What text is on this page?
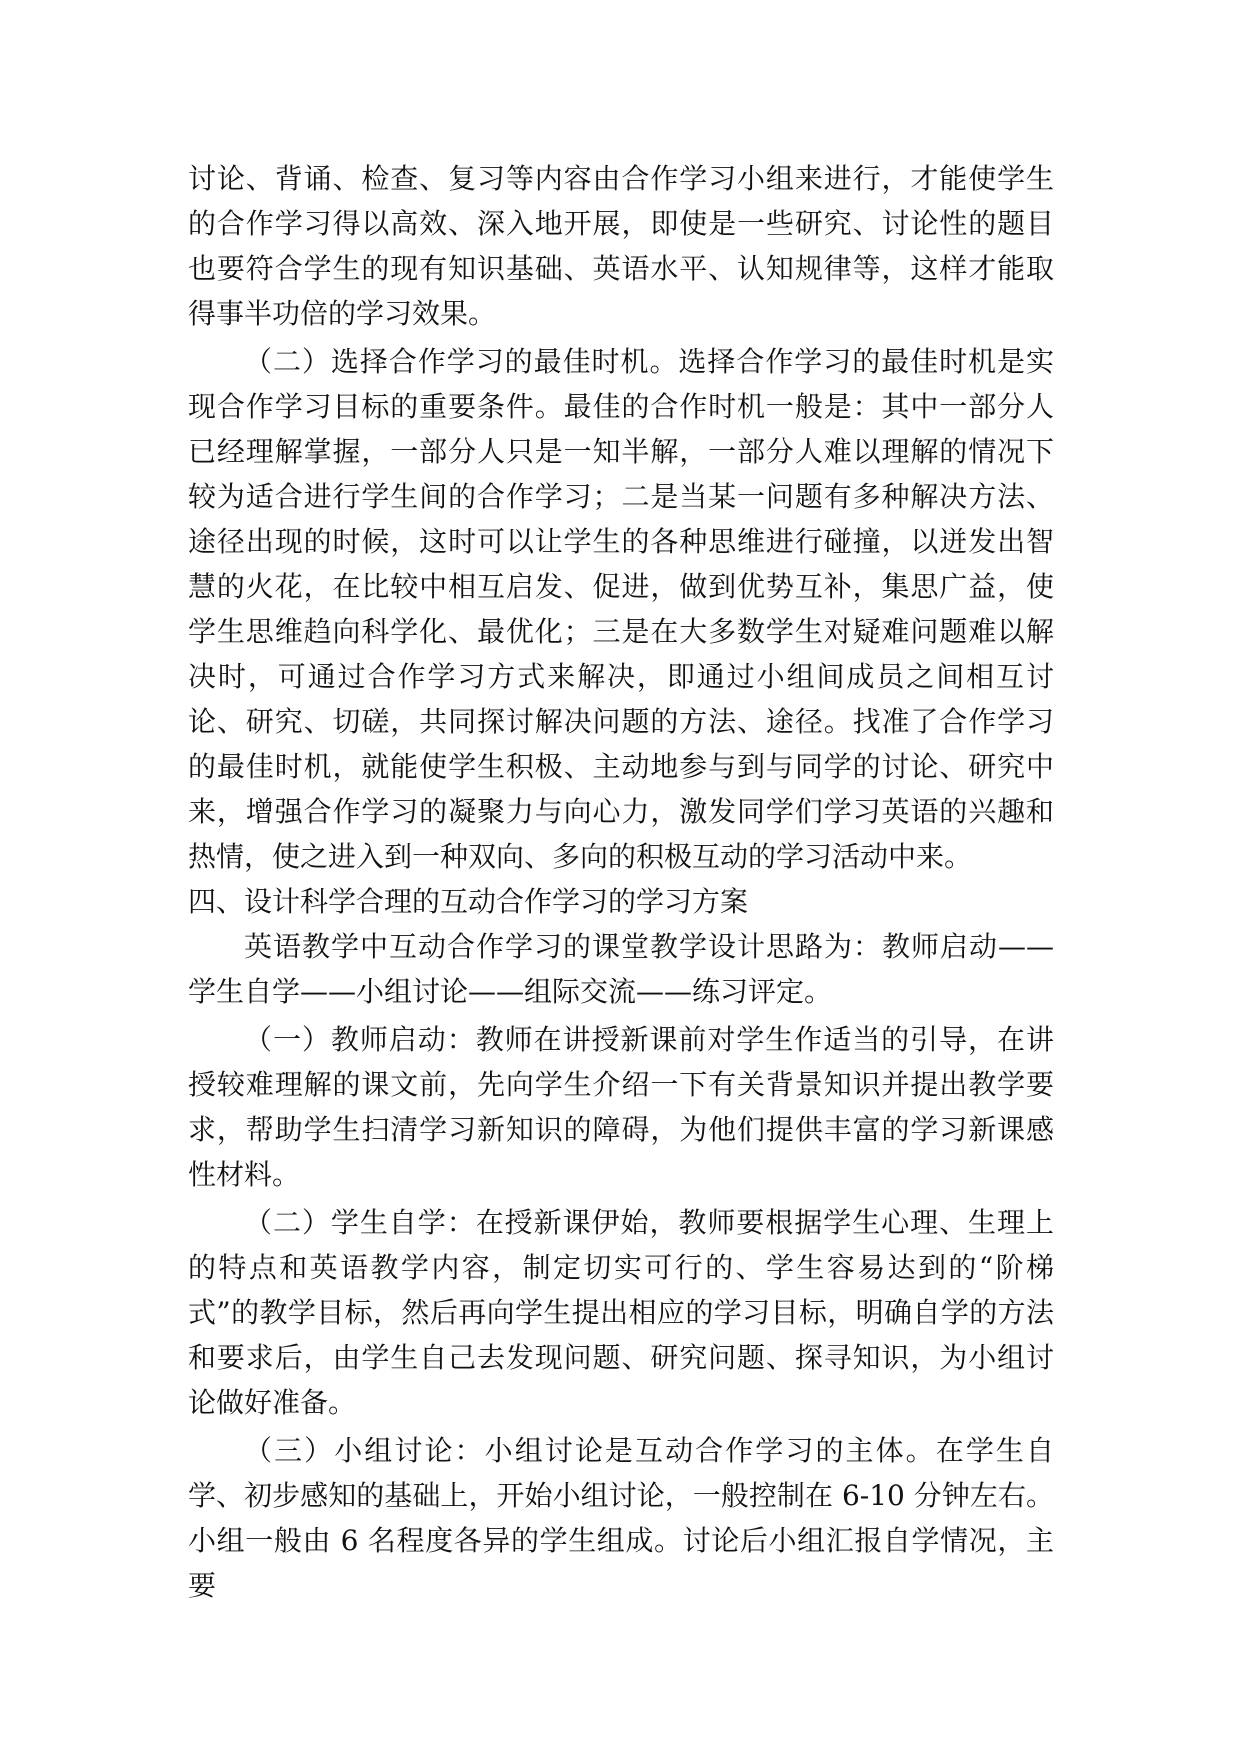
讨论、背诵、检查、复习等内容由合作学习小组来进行，才能使学生的合作学习得以高效、深入地开展，即使是一些研究、讨论性的题目也要符合学生的现有知识基础、英语水平、认知规律等，这样才能取得事半功倍的学习效果。

（二）选择合作学习的最佳时机。选择合作学习的最佳时机是实现合作学习目标的重要条件。最佳的合作时机一般是：其中一部分人已经理解掌握，一部分人只是一知半解，一部分人难以理解的情况下较为适合进行学生间的合作学习；二是当某一问题有多种解决方法、途径出现的时候，这时可以让学生的各种思维进行碰撞，以迸发出智慧的火花，在比较中相互启发、促进，做到优势互补，集思广益，使学生思维趋向科学化、最优化；三是在大多数学生对疑难问题难以解决时，可通过合作学习方式来解决，即通过小组间成员之间相互讨论、研究、切磋，共同探讨解决问题的方法、途径。找准了合作学习的最佳时机，就能使学生积极、主动地参与到与同学的讨论、研究中来，增强合作学习的凝聚力与向心力，激发同学们学习英语的兴趣和热情，使之进入到一种双向、多向的积极互动的学习活动中来。

四、设计科学合理的互动合作学习的学习方案

英语教学中互动合作学习的课堂教学设计思路为：教师启动——学生自学——小组讨论——组际交流——练习评定。

（一）教师启动：教师在讲授新课前对学生作适当的引导，在讲授较难理解的课文前，先向学生介绍一下有关背景知识并提出教学要求，帮助学生扫清学习新知识的障碍，为他们提供丰富的学习新课感性材料。

（二）学生自学：在授新课伊始，教师要根据学生心理、生理上的特点和英语教学内容，制定切实可行的、学生容易达到的“阶梯式”的教学目标，然后再向学生提出相应的学习目标，明确自学的方法和要求后，由学生自己去发现问题、研究问题、探寻知识，为小组讨论做好准备。

（三）小组讨论：小组讨论是互动合作学习的主体。在学生自学、初步感知的基础上，开始小组讨论，一般控制在 6-10 分钟左右。小组一般由 6 名程度各异的学生组成。讨论后小组汇报自学情况，主要
